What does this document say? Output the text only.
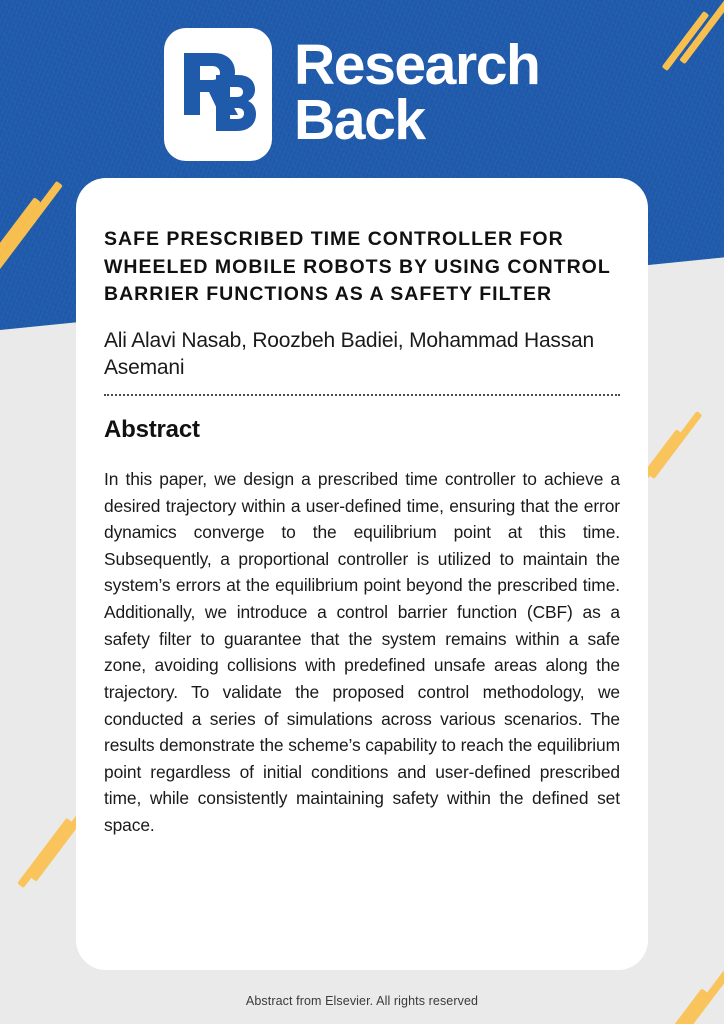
Research
Back
SAFE PRESCRIBED TIME CONTROLLER FOR WHEELED MOBILE ROBOTS BY USING CONTROL BARRIER FUNCTIONS AS A SAFETY FILTER
Ali Alavi Nasab, Roozbeh Badiei, Mohammad Hassan Asemani
Abstract

In this paper, we design a prescribed time controller to achieve a desired trajectory within a user-defined time, ensuring that the error dynamics converge to the equilibrium point at this time. Subsequently, a proportional controller is utilized to maintain the system’s errors at the equilibrium point beyond the prescribed time. Additionally, we introduce a control barrier function (CBF) as a safety filter to guarantee that the system remains within a safe zone, avoiding collisions with predefined unsafe areas along the trajectory. To validate the proposed control methodology, we conducted a series of simulations across various scenarios. The results demonstrate the scheme’s capability to reach the equilibrium point regardless of initial conditions and user-defined prescribed time, while consistently maintaining safety within the defined set space.

Abstract from Elsevier. All rights reserved
